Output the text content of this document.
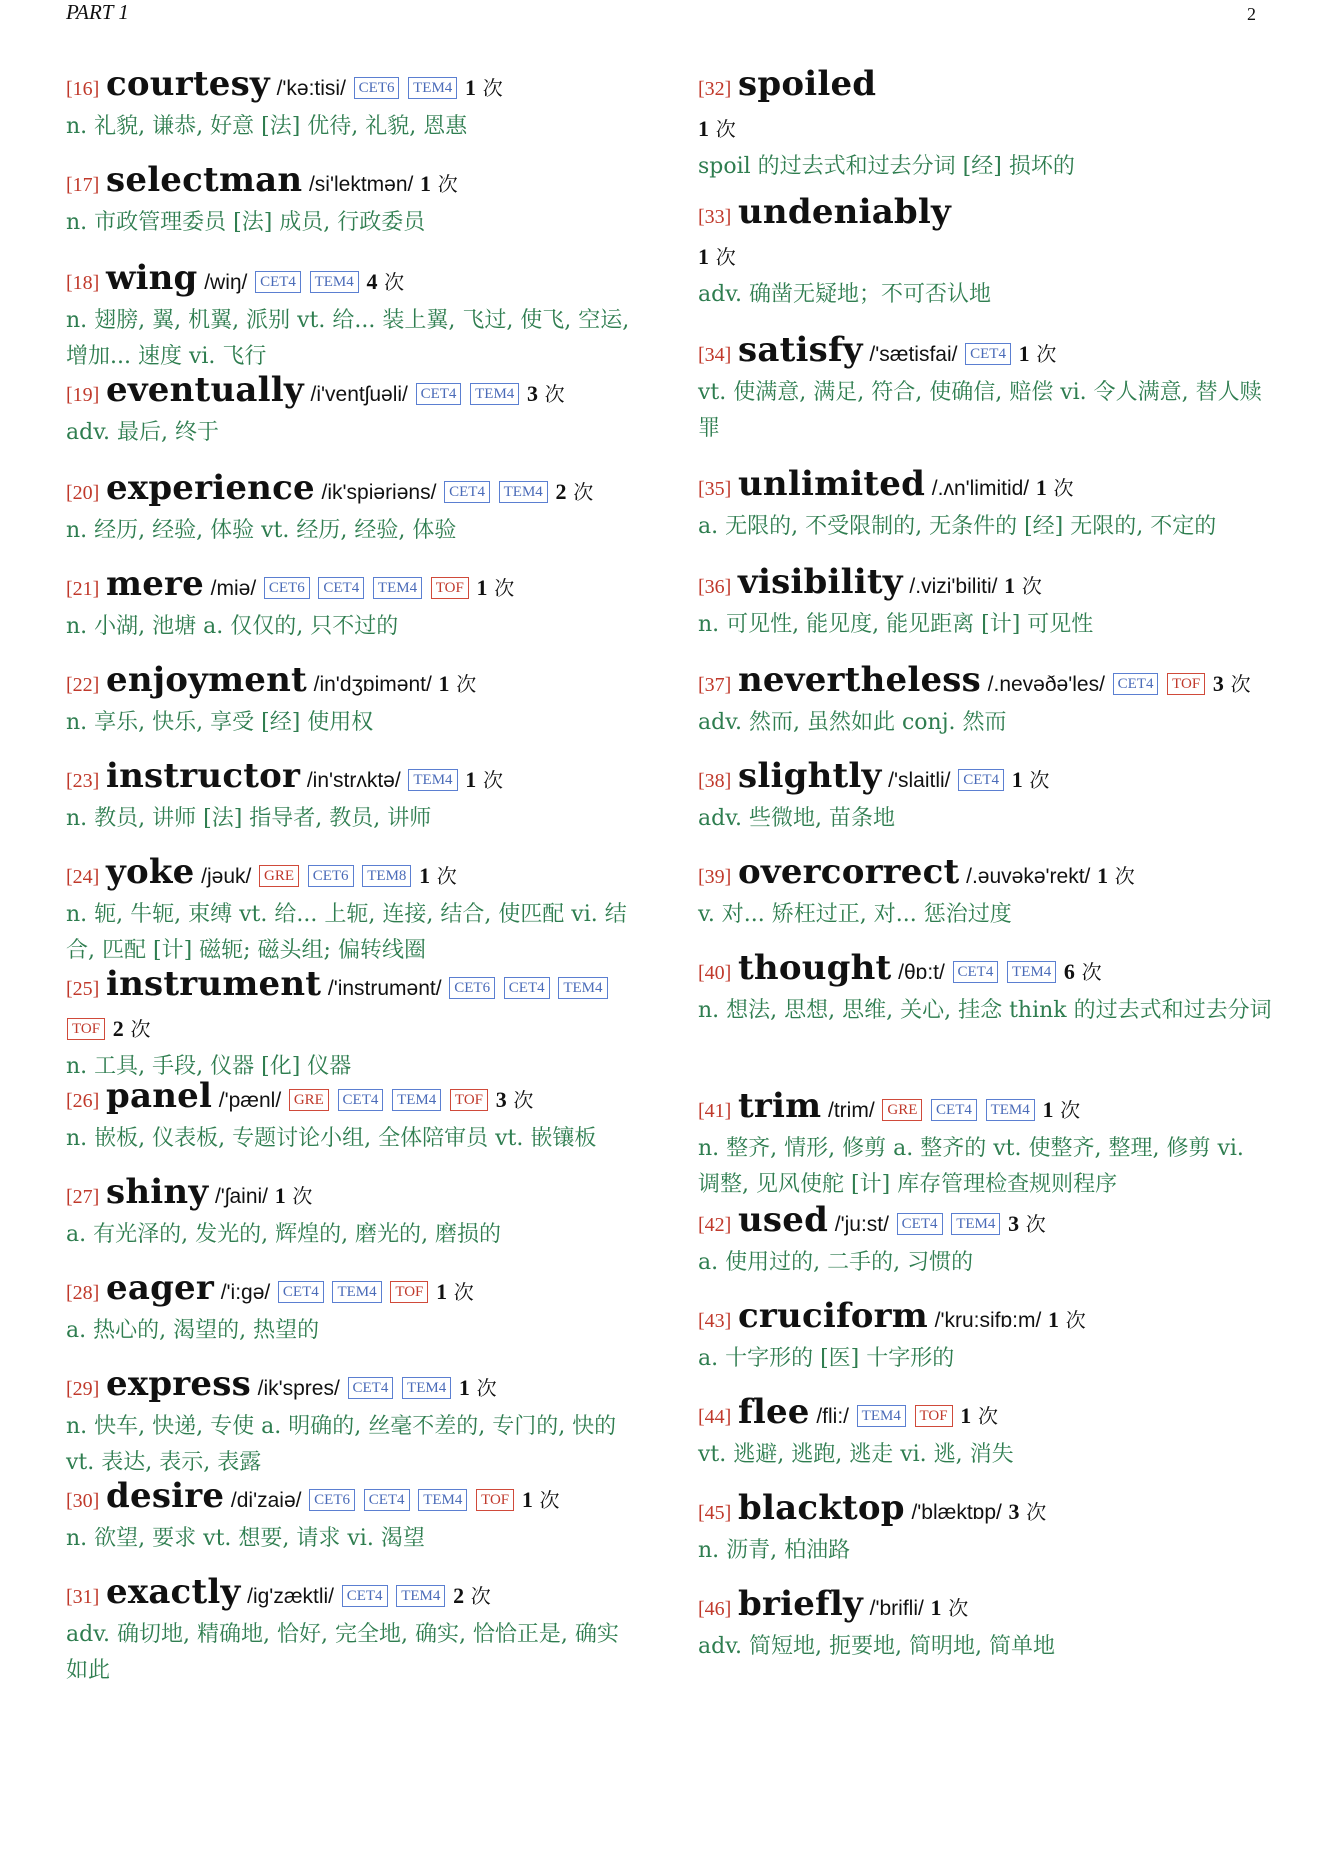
PART 1	2
[16] courtesy /'kə:tisi/ CET6 TEM4 1 次
n. 礼貌, 谦恭, 好意 [法] 优待, 礼貌, 恩惠
[17] selectman /si'lektmən/ 1 次
n. 市政管理委员 [法] 成员, 行政委员
[18] wing /wiŋ/ CET4 TEM4 4 次
n. 翅膀, 翼, 机翼, 派别 vt. 给... 装上翼, 飞过, 使飞, 空运, 增加... 速度 vi. 飞行
[19] eventually /i'ventʃuəli/ CET4 TEM4 3 次
adv. 最后, 终于
[20] experience /ik'spiəriəns/ CET4 TEM4 2 次
n. 经历, 经验, 体验 vt. 经历, 经验, 体验
[21] mere /miə/ CET6 CET4 TEM4 TOF 1 次
n. 小湖, 池塘 a. 仅仅的, 只不过的
[22] enjoyment /in'dʒɒimənt/ 1 次
n. 享乐, 快乐, 享受 [经] 使用权
[23] instructor /in'strʌktə/ TEM4 1 次
n. 教员, 讲师 [法] 指导者, 教员, 讲师
[24] yoke /jəuk/ GRE CET6 TEM8 1 次
n. 轭, 牛轭, 束缚 vt. 给... 上轭, 连接, 结合, 使匹配 vi. 结合, 匹配 [计] 磁轭; 磁头组; 偏转线圈
[25] instrument /'instrumənt/ CET6 CET4 TEM4 TOF 2 次
n. 工具, 手段, 仪器 [化] 仪器
[26] panel /'pænl/ GRE CET4 TEM4 TOF 3 次
n. 嵌板, 仪表板, 专题讨论小组, 全体陪审员 vt. 嵌镶板
[27] shiny /'ʃaini/ 1 次
a. 有光泽的, 发光的, 辉煌的, 磨光的, 磨损的
[28] eager /'i:gə/ CET4 TEM4 TOF 1 次
a. 热心的, 渴望的, 热望的
[29] express /ik'spres/ CET4 TEM4 1 次
n. 快车, 快递, 专使 a. 明确的, 丝毫不差的, 专门的, 快的 vt. 表达, 表示, 表露
[30] desire /di'zaiə/ CET6 CET4 TEM4 TOF 1 次
n. 欲望, 要求 vt. 想要, 请求 vi. 渴望
[31] exactly /ig'zæktli/ CET4 TEM4 2 次
adv. 确切地, 精确地, 恰好, 完全地, 确实, 恰恰正是, 确实如此
[32] spoiled
1 次
spoil 的过去式和过去分词 [经] 损坏的
[33] undeniably
1 次
adv. 确凿无疑地；不可否认地
[34] satisfy /'sætisfai/ CET4 1 次
vt. 使满意, 满足, 符合, 使确信, 赔偿 vi. 令人满意, 替人赎罪
[35] unlimited /.ʌn'limitid/ 1 次
a. 无限的, 不受限制的, 无条件的 [经] 无限的, 不定的
[36] visibility /.vizi'biliti/ 1 次
n. 可见性, 能见度, 能见距离 [计] 可见性
[37] nevertheless /.nevəðə'les/ CET4 TOF 3 次
adv. 然而, 虽然如此 conj. 然而
[38] slightly /'slaitli/ CET4 1 次
adv. 些微地, 苗条地
[39] overcorrect /.əuvəkə'rekt/ 1 次
v. 对... 矫枉过正, 对... 惩治过度
[40] thought /θɒ:t/ CET4 TEM4 6 次
n. 想法, 思想, 思维, 关心, 挂念 think 的过去式和过去分词
[41] trim /trim/ GRE CET4 TEM4 1 次
n. 整齐, 情形, 修剪 a. 整齐的 vt. 使整齐, 整理, 修剪 vi. 调整, 见风使舵 [计] 库存管理检查规则程序
[42] used /'ju:st/ CET4 TEM4 3 次
a. 使用过的, 二手的, 习惯的
[43] cruciform /'kru:sifɒ:m/ 1 次
a. 十字形的 [医] 十字形的
[44] flee /fli:/ TEM4 TOF 1 次
vt. 逃避, 逃跑, 逃走 vi. 逃, 消失
[45] blacktop /'blæktɒp/ 3 次
n. 沥青, 柏油路
[46] briefly /'brifli/ 1 次
adv. 简短地, 扼要地, 简明地, 简单地
